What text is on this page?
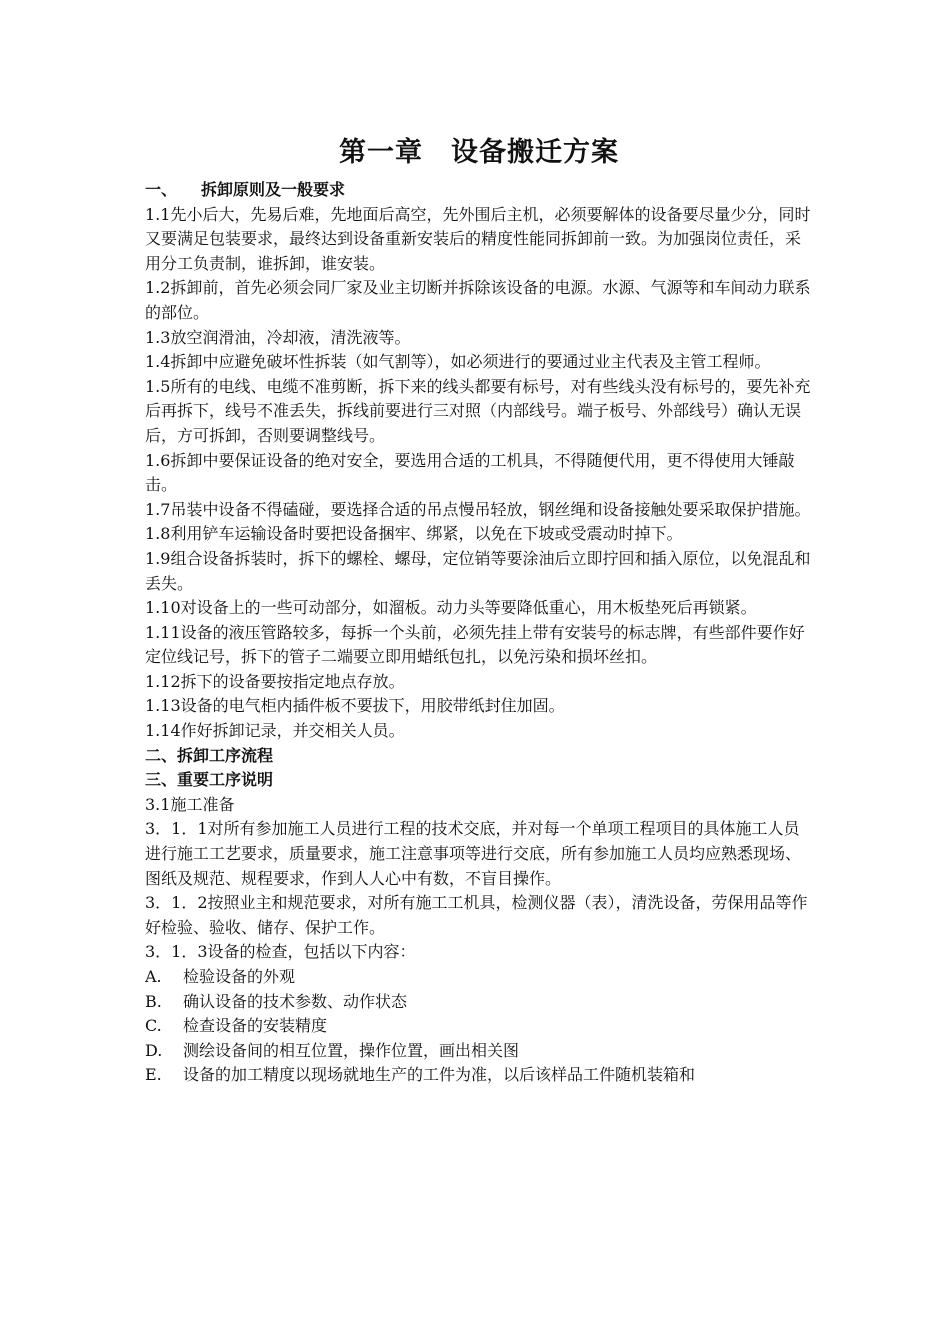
第一章　设备搬迁方案
一、 拆卸原则及一般要求

1.1先小后大，先易后难，先地面后高空，先外围后主机，必须要解体的设备要尽量少分，同时又要满足包装要求，最终达到设备重新安装后的精度性能同拆卸前一致。为加强岗位责任，采用分工负责制，谁拆卸，谁安装。

1.2拆卸前，首先必须会同厂家及业主切断并拆除该设备的电源。水源、气源等和车间动力联系的部位。

1.3放空润滑油，冷却液，清洗液等。

1.4拆卸中应避免破坏性拆装（如气割等），如必须进行的要通过业主代表及主管工程师。

1.5所有的电线、电缆不准剪断，拆下来的线头都要有标号，对有些线头没有标号的，要先补充后再拆下，线号不准丢失，拆线前要进行三对照（内部线号。端子板号、外部线号）确认无误后，方可拆卸，否则要调整线号。

1.6拆卸中要保证设备的绝对安全，要选用合适的工机具，不得随便代用，更不得使用大锤敲击。

1.7吊装中设备不得磕碰，要选择合适的吊点慢吊轻放，钢丝绳和设备接触处要采取保护措施。

1.8利用铲车运输设备时要把设备捆牢、绑紧，以免在下坡或受震动时掉下。

1.9组合设备拆装时，拆下的螺栓、螺母，定位销等要涂油后立即拧回和插入原位，以免混乱和丢失。

1.10对设备上的一些可动部分，如溜板。动力头等要降低重心，用木板垫死后再锁紧。

1.11设备的液压管路较多，每拆一个头前，必须先挂上带有安装号的标志牌，有些部件要作好定位线记号，拆下的管子二端要立即用蜡纸包扎，以免污染和损坏丝扣。

1.12拆下的设备要按指定地点存放。

1.13设备的电气柜内插件板不要拔下，用胶带纸封住加固。

1.14作好拆卸记录，并交相关人员。

二、拆卸工序流程
三、重要工序说明

3.1施工准备

3．1．1对所有参加施工人员进行工程的技术交底，并对每一个单项工程项目的具体施工人员进行施工工艺要求，质量要求，施工注意事项等进行交底，所有参加施工人员均应熟悉现场、图纸及规范、规程要求，作到人人心中有数，不盲目操作。

3．1．2按照业主和规范要求，对所有施工工机具，检测仪器（表），清洗设备，劳保用品等作好检验、验收、储存、保护工作。

3．1．3设备的检查，包括以下内容：

A. 检验设备的外观
B. 确认设备的技术参数、动作状态
C. 检查设备的安装精度
D. 测绘设备间的相互位置，操作位置，画出相关图
E. 设备的加工精度以现场就地生产的工件为准，以后该样品工件随机装箱和
